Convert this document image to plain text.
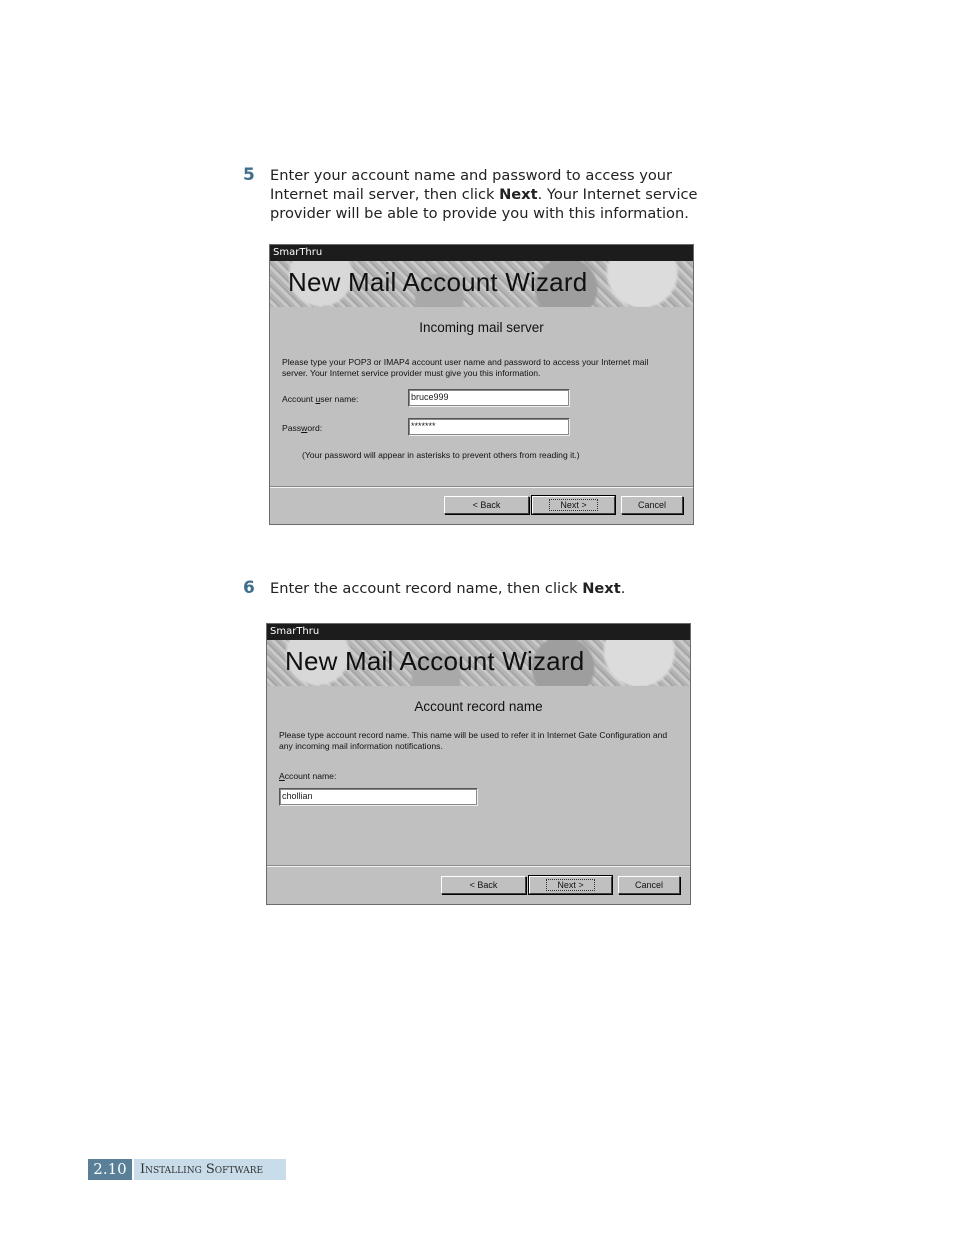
5 Enter your account name and password to access your Internet mail server, then click Next. Your Internet service provider will be able to provide you with this information.
SmarThru
New Mail Account Wizard
Incoming mail server
Please type your POP3 or IMAP4 account user name and password to access your Internet mail server. Your Internet service provider must give you this information.
Account user name:	bruce999
Password:	*******
(Your password will appear in asterisks to prevent others from reading it.)
< Back	Next >	Cancel
6 Enter the account record name, then click Next.
SmarThru
New Mail Account Wizard
Account record name
Please type account record name. This name will be used to refer it in Internet Gate Configuration and any incoming mail information notifications.
Account name:
chollian
< Back	Next >	Cancel
2.10	Installing Software
